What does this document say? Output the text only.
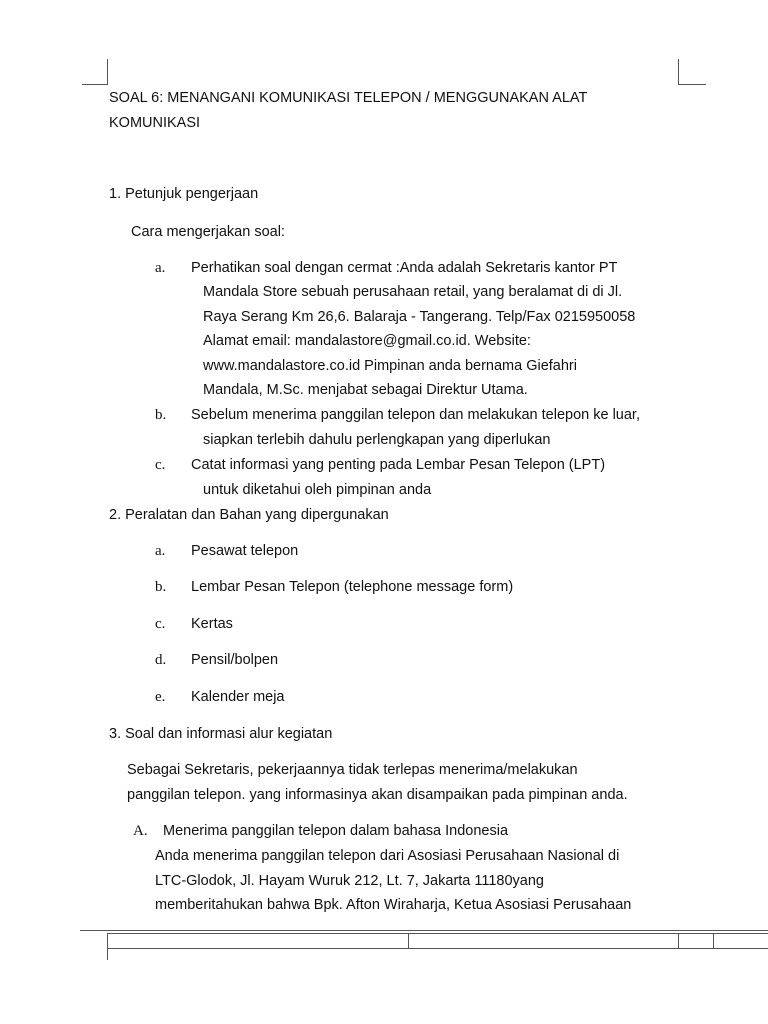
SOAL 6: MENANGANI KOMUNIKASI TELEPON / MENGGUNAKAN ALAT
KOMUNIKASI
1. Petunjuk pengerjaan
Cara mengerjakan soal:
a. Perhatikan soal dengan cermat :Anda adalah Sekretaris kantor PT
Mandala Store sebuah perusahaan retail, yang beralamat di di Jl.
Raya Serang Km 26,6. Balaraja - Tangerang. Telp/Fax 0215950058
Alamat email: mandalastore@gmail.co.id. Website:
www.mandalastore.co.id Pimpinan anda bernama Giefahri
Mandala, M.Sc. menjabat sebagai Direktur Utama.
b. Sebelum menerima panggilan telepon dan melakukan telepon ke luar,
siapkan terlebih dahulu perlengkapan yang diperlukan
c. Catat informasi yang penting pada Lembar Pesan Telepon (LPT)
untuk diketahui oleh pimpinan anda
2. Peralatan dan Bahan yang dipergunakan
a. Pesawat telepon
b. Lembar Pesan Telepon (telephone message form)
c. Kertas
d. Pensil/bolpen
e. Kalender meja
3. Soal dan informasi alur kegiatan
Sebagai Sekretaris, pekerjaannya tidak terlepas menerima/melakukan
panggilan telepon. yang informasinya akan disampaikan pada pimpinan anda.
A. Menerima panggilan telepon dalam bahasa Indonesia
Anda menerima panggilan telepon dari Asosiasi Perusahaan Nasional di
LTC-Glodok, Jl. Hayam Wuruk 212, Lt. 7, Jakarta 11180yang
memberitahukan bahwa Bpk. Afton Wiraharja, Ketua Asosiasi Perusahaan
